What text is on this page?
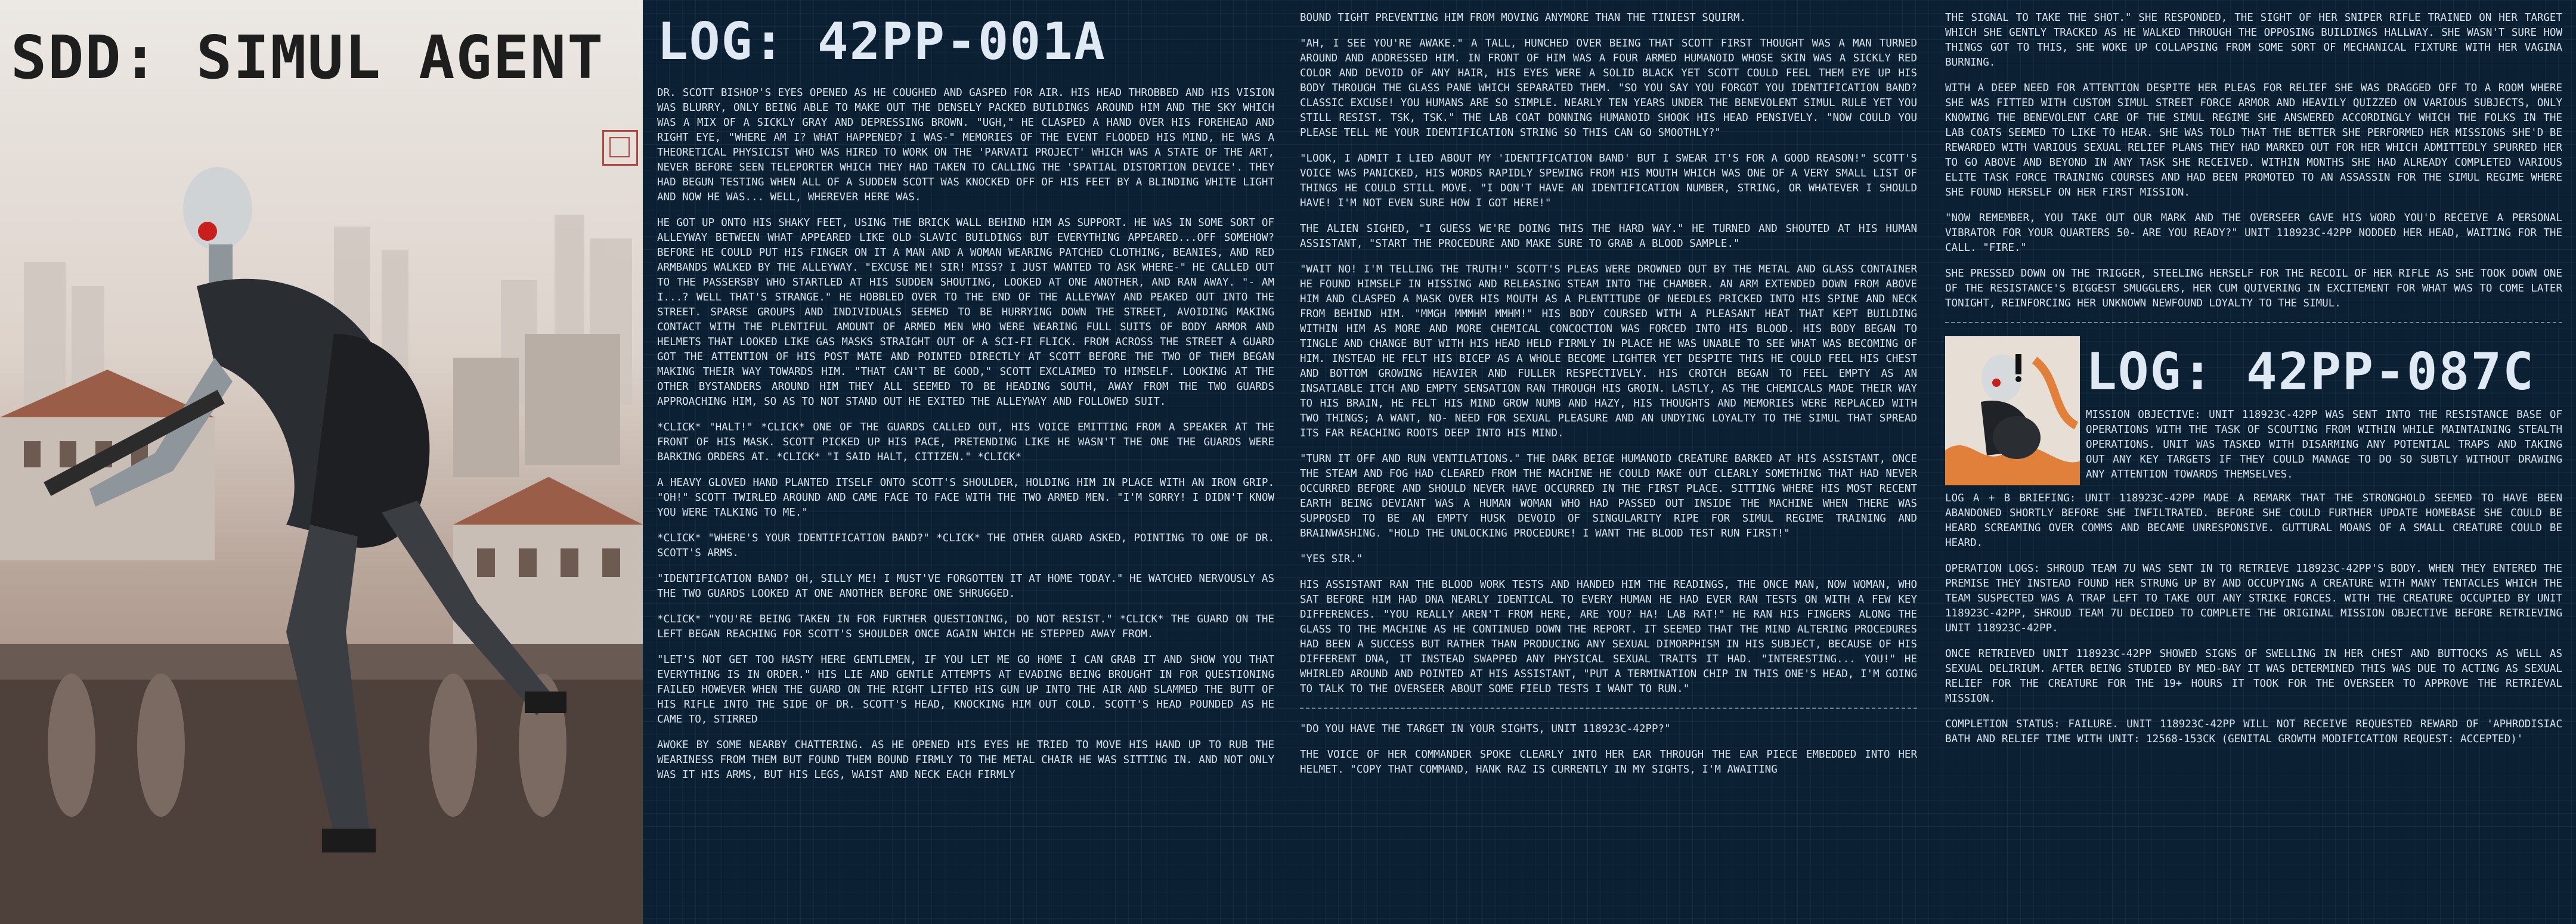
SDD: SIMUL AGENT LOG: 42PP-001A

DR. SCOTT BISHOP'S EYES OPENED AS HE COUGHED AND GASPED FOR AIR. HIS HEAD THROBBED AND HIS VISION WAS BLURRY, ONLY BEING ABLE TO MAKE OUT THE DENSELY PACKED BUILDINGS AROUND HIM AND THE SKY WHICH WAS A MIX OF A SICKLY GRAY AND DEPRESSING BROWN. "UGH," HE CLASPED A HAND OVER HIS FOREHEAD AND RIGHT EYE, "WHERE AM I? WHAT HAPPENED? I WAS-" MEMORIES OF THE EVENT FLOODED HIS MIND, HE WAS A THEORETICAL PHYSICIST WHO WAS HIRED TO WORK ON THE 'PARVATI PROJECT' WHICH WAS A STATE OF THE ART, NEVER BEFORE SEEN TELEPORTER WHICH THEY HAD TAKEN TO CALLING THE 'SPATIAL DISTORTION DEVICE'. THEY HAD BEGUN TESTING WHEN ALL OF A SUDDEN SCOTT WAS KNOCKED OFF OF HIS FEET BY A BLINDING WHITE LIGHT AND NOW HE WAS... WELL, WHEREVER HERE WAS.

HE GOT UP ONTO HIS SHAKY FEET, USING THE BRICK WALL BEHIND HIM AS SUPPORT. HE WAS IN SOME SORT OF ALLEYWAY BETWEEN WHAT APPEARED LIKE OLD SLAVIC BUILDINGS BUT EVERYTHING APPEARED...OFF SOMEHOW? BEFORE HE COULD PUT HIS FINGER ON IT A MAN AND A WOMAN WEARING PATCHED CLOTHING, BEANIES, AND RED ARMBANDS WALKED BY THE ALLEYWAY. "EXCUSE ME! SIR! MISS? I JUST WANTED TO ASK WHERE-" HE CALLED OUT TO THE PASSERSBY WHO STARTLED AT HIS SUDDEN SHOUTING, LOOKED AT ONE ANOTHER, AND RAN AWAY. "- AM I...? WELL THAT'S STRANGE." HE HOBBLED OVER TO THE END OF THE ALLEYWAY AND PEAKED OUT INTO THE STREET. SPARSE GROUPS AND INDIVIDUALS SEEMED TO BE HURRYING DOWN THE STREET, AVOIDING MAKING CONTACT WITH THE PLENTIFUL AMOUNT OF ARMED MEN WHO WERE WEARING FULL SUITS OF BODY ARMOR AND HELMETS THAT LOOKED LIKE GAS MASKS STRAIGHT OUT OF A SCI-FI FLICK. FROM ACROSS THE STREET A GUARD GOT THE ATTENTION OF HIS POST MATE AND POINTED DIRECTLY AT SCOTT BEFORE THE TWO OF THEM BEGAN MAKING THEIR WAY TOWARDS HIM. "THAT CAN'T BE GOOD," SCOTT EXCLAIMED TO HIMSELF. LOOKING AT THE OTHER BYSTANDERS AROUND HIM THEY ALL SEEMED TO BE HEADING SOUTH, AWAY FROM THE TWO GUARDS APPROACHING HIM, SO AS TO NOT STAND OUT HE EXITED THE ALLEYWAY AND FOLLOWED SUIT.

*CLICK* "HALT!" *CLICK* ONE OF THE GUARDS CALLED OUT, HIS VOICE EMITTING FROM A SPEAKER AT THE FRONT OF HIS MASK. SCOTT PICKED UP HIS PACE, PRETENDING LIKE HE WASN'T THE ONE THE GUARDS WERE BARKING ORDERS AT. *CLICK* "I SAID HALT, CITIZEN." *CLICK*

A HEAVY GLOVED HAND PLANTED ITSELF ONTO SCOTT'S SHOULDER, HOLDING HIM IN PLACE WITH AN IRON GRIP. "OH!" SCOTT TWIRLED AROUND AND CAME FACE TO FACE WITH THE TWO ARMED MEN. "I'M SORRY! I DIDN'T KNOW YOU WERE TALKING TO ME."

*CLICK* "WHERE'S YOUR IDENTIFICATION BAND?" *CLICK* THE OTHER GUARD ASKED, POINTING TO ONE OF DR. SCOTT'S ARMS.

"IDENTIFICATION BAND? OH, SILLY ME! I MUST'VE FORGOTTEN IT AT HOME TODAY." HE WATCHED NERVOUSLY AS THE TWO GUARDS LOOKED AT ONE ANOTHER BEFORE ONE SHRUGGED.

*CLICK* "YOU'RE BEING TAKEN IN FOR FURTHER QUESTIONING, DO NOT RESIST." *CLICK* THE GUARD ON THE LEFT BEGAN REACHING FOR SCOTT'S SHOULDER ONCE AGAIN WHICH HE STEPPED AWAY FROM.

"LET'S NOT GET TOO HASTY HERE GENTLEMEN, IF YOU LET ME GO HOME I CAN GRAB IT AND SHOW YOU THAT EVERYTHING IS IN ORDER." HIS LIE AND GENTLE ATTEMPTS AT EVADING BEING BROUGHT IN FOR QUESTIONING FAILED HOWEVER WHEN THE GUARD ON THE RIGHT LIFTED HIS GUN UP INTO THE AIR AND SLAMMED THE BUTT OF HIS RIFLE INTO THE SIDE OF DR. SCOTT'S HEAD, KNOCKING HIM OUT COLD. SCOTT'S HEAD POUNDED AS HE CAME TO, STIRRED

AWOKE BY SOME NEARBY CHATTERING. AS HE OPENED HIS EYES HE TRIED TO MOVE HIS HAND UP TO RUB THE WEARINESS FROM THEM BUT FOUND THEM BOUND FIRMLY TO THE METAL CHAIR HE WAS SITTING IN. AND NOT ONLY WAS IT HIS ARMS, BUT HIS LEGS, WAIST AND NECK EACH FIRMLY

BOUND TIGHT PREVENTING HIM FROM MOVING ANYMORE THAN THE TINIEST SQUIRM.

"AH, I SEE YOU'RE AWAKE." A TALL, HUNCHED OVER BEING THAT SCOTT FIRST THOUGHT WAS A MAN TURNED AROUND AND ADDRESSED HIM. IN FRONT OF HIM WAS A FOUR ARMED HUMANOID WHOSE SKIN WAS A SICKLY RED COLOR AND DEVOID OF ANY HAIR, HIS EYES WERE A SOLID BLACK YET SCOTT COULD FEEL THEM EYE UP HIS BODY THROUGH THE GLASS PANE WHICH SEPARATED THEM. "SO YOU SAY YOU FORGOT YOU IDENTIFICATION BAND? CLASSIC EXCUSE! YOU HUMANS ARE SO SIMPLE. NEARLY TEN YEARS UNDER THE BENEVOLENT SIMUL RULE YET YOU STILL RESIST. TSK, TSK." THE LAB COAT DONNING HUMANOID SHOOK HIS HEAD PENSIVELY. "NOW COULD YOU PLEASE TELL ME YOUR IDENTIFICATION STRING SO THIS CAN GO SMOOTHLY?"

"LOOK, I ADMIT I LIED ABOUT MY 'IDENTIFICATION BAND' BUT I SWEAR IT'S FOR A GOOD REASON!" SCOTT'S VOICE WAS PANICKED, HIS WORDS RAPIDLY SPEWING FROM HIS MOUTH WHICH WAS ONE OF A VERY SMALL LIST OF THINGS HE COULD STILL MOVE. "I DON'T HAVE AN IDENTIFICATION NUMBER, STRING, OR WHATEVER I SHOULD HAVE! I'M NOT EVEN SURE HOW I GOT HERE!"

THE ALIEN SIGHED, "I GUESS WE'RE DOING THIS THE HARD WAY." HE TURNED AND SHOUTED AT HIS HUMAN ASSISTANT, "START THE PROCEDURE AND MAKE SURE TO GRAB A BLOOD SAMPLE."

"WAIT NO! I'M TELLING THE TRUTH!" SCOTT'S PLEAS WERE DROWNED OUT BY THE METAL AND GLASS CONTAINER HE FOUND HIMSELF IN HISSING AND RELEASING STEAM INTO THE CHAMBER. AN ARM EXTENDED DOWN FROM ABOVE HIM AND CLASPED A MASK OVER HIS MOUTH AS A PLENTITUDE OF NEEDLES PRICKED INTO HIS SPINE AND NECK FROM BEHIND HIM. "MMGH MMMHM MMHM!" HIS BODY COURSED WITH A PLEASANT HEAT THAT KEPT BUILDING WITHIN HIM AS MORE AND MORE CHEMICAL CONCOCTION WAS FORCED INTO HIS BLOOD. HIS BODY BEGAN TO TINGLE AND CHANGE BUT WITH HIS HEAD HELD FIRMLY IN PLACE HE WAS UNABLE TO SEE WHAT WAS BECOMING OF HIM. INSTEAD HE FELT HIS BICEP AS A WHOLE BECOME LIGHTER YET DESPITE THIS HE COULD FEEL HIS CHEST AND BOTTOM GROWING HEAVIER AND FULLER RESPECTIVELY. HIS CROTCH BEGAN TO FEEL EMPTY AS AN INSATIABLE ITCH AND EMPTY SENSATION RAN THROUGH HIS GROIN. LASTLY, AS THE CHEMICALS MADE THEIR WAY TO HIS BRAIN, HE FELT HIS MIND GROW NUMB AND HAZY, HIS THOUGHTS AND MEMORIES WERE REPLACED WITH TWO THINGS; A WANT, NO- NEED FOR SEXUAL PLEASURE AND AN UNDYING LOYALTY TO THE SIMUL THAT SPREAD ITS FAR REACHING ROOTS DEEP INTO HIS MIND.

"TURN IT OFF AND RUN VENTILATIONS." THE DARK BEIGE HUMANOID CREATURE BARKED AT HIS ASSISTANT, ONCE THE STEAM AND FOG HAD CLEARED FROM THE MACHINE HE COULD MAKE OUT CLEARLY SOMETHING THAT HAD NEVER OCCURRED BEFORE AND SHOULD NEVER HAVE OCCURRED IN THE FIRST PLACE. SITTING WHERE HIS MOST RECENT EARTH BEING DEVIANT WAS A HUMAN WOMAN WHO HAD PASSED OUT INSIDE THE MACHINE WHEN THERE WAS SUPPOSED TO BE AN EMPTY HUSK DEVOID OF SINGULARITY RIPE FOR SIMUL REGIME TRAINING AND BRAINWASHING. "HOLD THE UNLOCKING PROCEDURE! I WANT THE BLOOD TEST RUN FIRST!"

"YES SIR."

HIS ASSISTANT RAN THE BLOOD WORK TESTS AND HANDED HIM THE READINGS, THE ONCE MAN, NOW WOMAN, WHO SAT BEFORE HIM HAD DNA NEARLY IDENTICAL TO EVERY HUMAN HE HAD EVER RAN TESTS ON WITH A FEW KEY DIFFERENCES. "YOU REALLY AREN'T FROM HERE, ARE YOU? HA! LAB RAT!" HE RAN HIS FINGERS ALONG THE GLASS TO THE MACHINE AS HE CONTINUED DOWN THE REPORT. IT SEEMED THAT THE MIND ALTERING PROCEDURES HAD BEEN A SUCCESS BUT RATHER THAN PRODUCING ANY SEXUAL DIMORPHISM IN HIS SUBJECT, BECAUSE OF HIS DIFFERENT DNA, IT INSTEAD SWAPPED ANY PHYSICAL SEXUAL TRAITS IT HAD. "INTERESTING... YOU!" HE WHIRLED AROUND AND POINTED AT HIS ASSISTANT, "PUT A TERMINATION CHIP IN THIS ONE'S HEAD, I'M GOING TO TALK TO THE OVERSEER ABOUT SOME FIELD TESTS I WANT TO RUN."

"DO YOU HAVE THE TARGET IN YOUR SIGHTS, UNIT 118923C-42PP?"

THE VOICE OF HER COMMANDER SPOKE CLEARLY INTO HER EAR THROUGH THE EAR PIECE EMBEDDED INTO HER HELMET. "COPY THAT COMMAND, HANK RAZ IS CURRENTLY IN MY SIGHTS, I'M AWAITING

THE SIGNAL TO TAKE THE SHOT." SHE RESPONDED, THE SIGHT OF HER SNIPER RIFLE TRAINED ON HER TARGET WHICH SHE GENTLY TRACKED AS HE WALKED THROUGH THE OPPOSING BUILDINGS HALLWAY. SHE WASN'T SURE HOW THINGS GOT TO THIS, SHE WOKE UP COLLAPSING FROM SOME SORT OF MECHANICAL FIXTURE WITH HER VAGINA BURNING.

WITH A DEEP NEED FOR ATTENTION DESPITE HER PLEAS FOR RELIEF SHE WAS DRAGGED OFF TO A ROOM WHERE SHE WAS FITTED WITH CUSTOM SIMUL STREET FORCE ARMOR AND HEAVILY QUIZZED ON VARIOUS SUBJECTS, ONLY KNOWING THE BENEVOLENT CARE OF THE SIMUL REGIME SHE ANSWERED ACCORDINGLY WHICH THE FOLKS IN THE LAB COATS SEEMED TO LIKE TO HEAR. SHE WAS TOLD THAT THE BETTER SHE PERFORMED HER MISSIONS SHE'D BE REWARDED WITH VARIOUS SEXUAL RELIEF PLANS THEY HAD MARKED OUT FOR HER WHICH ADMITTEDLY SPURRED HER TO GO ABOVE AND BEYOND IN ANY TASK SHE RECEIVED. WITHIN MONTHS SHE HAD ALREADY COMPLETED VARIOUS ELITE TASK FORCE TRAINING COURSES AND HAD BEEN PROMOTED TO AN ASSASSIN FOR THE SIMUL REGIME WHERE SHE FOUND HERSELF ON HER FIRST MISSION.

"NOW REMEMBER, YOU TAKE OUT OUR MARK AND THE OVERSEER GAVE HIS WORD YOU'D RECEIVE A PERSONAL VIBRATOR FOR YOUR QUARTERS 50- ARE YOU READY?" UNIT 118923C-42PP NODDED HER HEAD, WAITING FOR THE CALL. "FIRE."

SHE PRESSED DOWN ON THE TRIGGER, STEELING HERSELF FOR THE RECOIL OF HER RIFLE AS SHE TOOK DOWN ONE OF THE RESISTANCE'S BIGGEST SMUGGLERS, HER CUM QUIVERING IN EXCITEMENT FOR WHAT WAS TO COME LATER TONIGHT, REINFORCING HER UNKNOWN NEWFOUND LOYALTY TO THE SIMUL.

LOG: 42PP-087C

MISSION OBJECTIVE: UNIT 118923C-42PP WAS SENT INTO THE RESISTANCE BASE OF OPERATIONS WITH THE TASK OF SCOUTING FROM WITHIN WHILE MAINTAINING STEALTH OPERATIONS. UNIT WAS TASKED WITH DISARMING ANY POTENTIAL TRAPS AND TAKING OUT ANY KEY TARGETS IF THEY COULD MANAGE TO DO SO SUBTLY WITHOUT DRAWING ANY ATTENTION TOWARDS THEMSELVES.

LOG A + B BRIEFING: UNIT 118923C-42PP MADE A REMARK THAT THE STRONGHOLD SEEMED TO HAVE BEEN ABANDONED SHORTLY BEFORE SHE INFILTRATED. BEFORE SHE COULD FURTHER UPDATE HOMEBASE SHE COULD BE HEARD SCREAMING OVER COMMS AND BECAME UNRESPONSIVE. GUTTURAL MOANS OF A SMALL CREATURE COULD BE HEARD.

OPERATION LOGS: SHROUD TEAM 7U WAS SENT IN TO RETRIEVE 118923C-42PP'S BODY. WHEN THEY ENTERED THE PREMISE THEY INSTEAD FOUND HER STRUNG UP BY AND OCCUPYING A CREATURE WITH MANY TENTACLES WHICH THE TEAM SUSPECTED WAS A TRAP LEFT TO TAKE OUT ANY STRIKE FORCES. WITH THE CREATURE OCCUPIED BY UNIT 118923C-42PP, SHROUD TEAM 7U DECIDED TO COMPLETE THE ORIGINAL MISSION OBJECTIVE BEFORE RETRIEVING UNIT 118923C-42PP.

ONCE RETRIEVED UNIT 118923C-42PP SHOWED SIGNS OF SWELLING IN HER CHEST AND BUTTOCKS AS WELL AS SEXUAL DELIRIUM. AFTER BEING STUDIED BY MED-BAY IT WAS DETERMINED THIS WAS DUE TO ACTING AS SEXUAL RELIEF FOR THE CREATURE FOR THE 19+ HOURS IT TOOK FOR THE OVERSEER TO APPROVE THE RETRIEVAL MISSION.

COMPLETION STATUS: FAILURE. UNIT 118923C-42PP WILL NOT RECEIVE REQUESTED REWARD OF 'APHRODISIAC BATH AND RELIEF TIME WITH UNIT: 12568-153CK (GENITAL GROWTH MODIFICATION REQUEST: ACCEPTED)'
